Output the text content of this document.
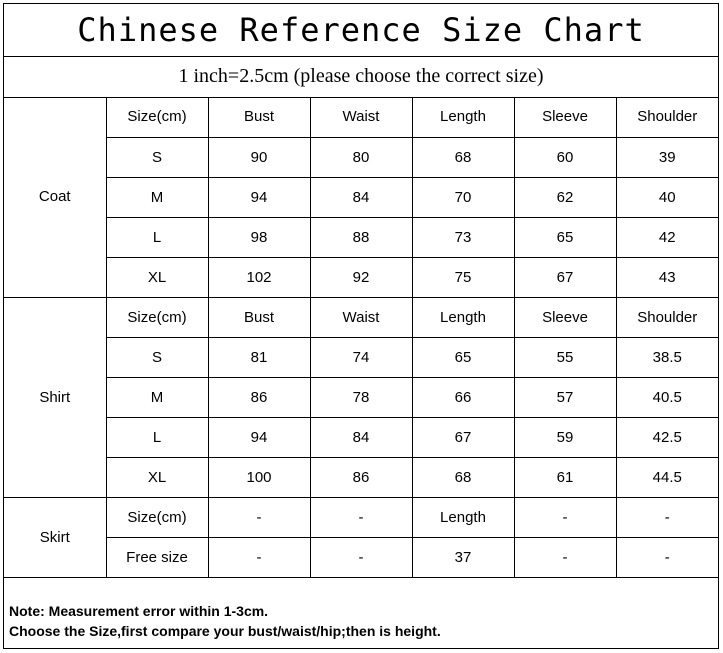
Chinese Reference Size Chart
1 inch=2.5cm (please choose the correct size)
Coat	Size(cm)	Bust	Waist	Length	Sleeve	Shoulder
	S	90	80	68	60	39
	M	94	84	70	62	40
	L	98	88	73	65	42
	XL	102	92	75	67	43
Shirt	Size(cm)	Bust	Waist	Length	Sleeve	Shoulder
	S	81	74	65	55	38.5
	M	86	78	66	57	40.5
	L	94	84	67	59	42.5
	XL	100	86	68	61	44.5
Skirt	Size(cm)	-	-	Length	-	-
	Free size	-	-	37	-	-
Note: Measurement error within 1-3cm.
Choose the Size,first compare your bust/waist/hip;then is height.
